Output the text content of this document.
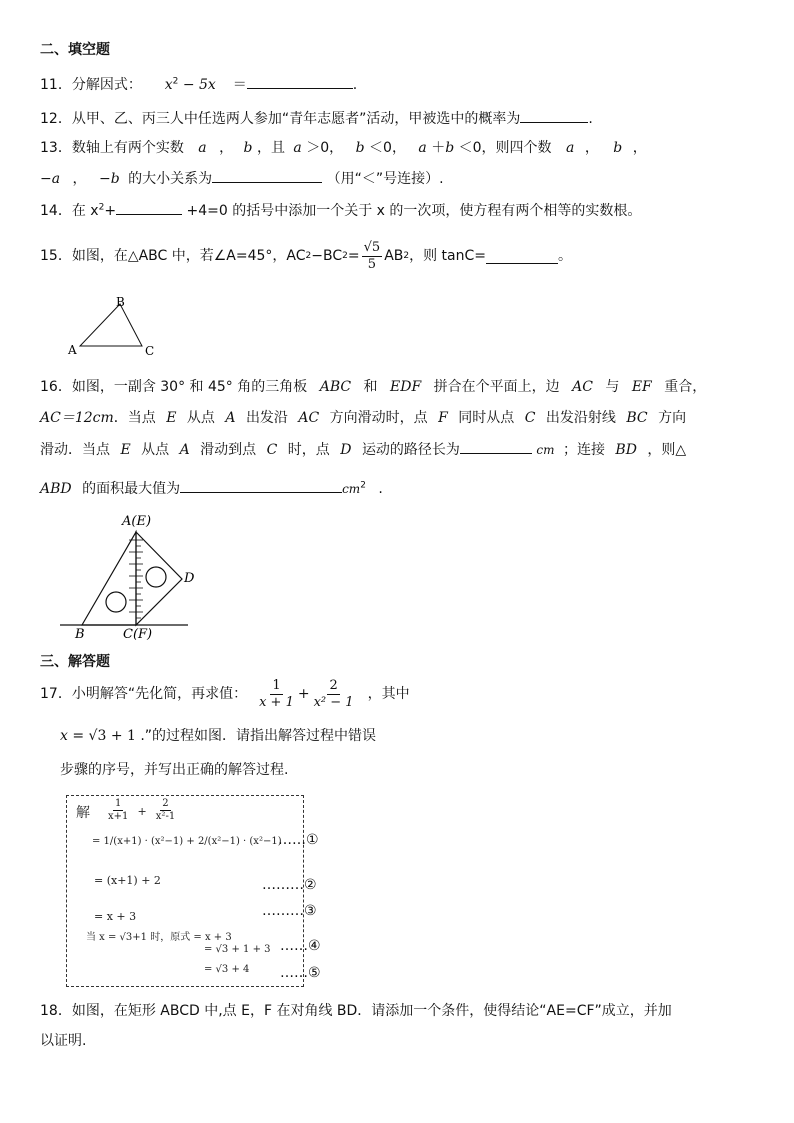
二、填空题
11．分解因式： $x^2 - 5x$ ＝	.
12．从甲、乙、丙三人中任选两人参加“青年志愿者”活动，甲被选中的概率为	.
13．数轴上有两个实数 a ， b ，且 a ＞0， b ＜0， a ＋b ＜0，则四个数 a ， b ，
−a ， −b 的大小关系为	（用“＜”号连接）.
14．在 $x^2+$	+4=0 的括号中添加一个关于 x 的一次项，使方程有两个相等的实数根。
15． 如图，在△ABC 中，若∠A=45°，AC 2 −BC $2 = \frac{√5}{5}$ AB 2 ，则 tanC=	。
A	C
B
16．如图，一副含 30° 和 45° 角的三角板 ABC 和 EDF 拼合在个平面上，边 AC 与 EF 重合，
AC＝12cm．当点 E 从点 A 出发沿 AC 方向滑动时，点 F 同时从点 C 出发沿射线 BC 方向
滑动．当点 E 从点 A 滑动到点 C 时，点 D 运动的路径长为	cm ；连接 BD ，则△
ABD 的面积最大值为	$cm^2$ .
A(E)
D
B	C(F)
三、解答题
17． 小明解答“先化简，再求值： $\frac{1}{x + 1} + \frac{2}{\text{x² − 1}}$ ，其中
x = √3 + 1 .”的过程如图．请指出解答过程中错误
步骤的序号，并写出正确的解答过程.
解 $\frac{1}{x+1} + \frac{2}{\text{x²-1}}$
= 1/(x+1) · (x²−1) + 2/(x²−1) · (x²−1)
= (x+1) + 2
= x + 3
当 x = √3+1 时，原式 = x + 3
= √3 + 1 + 3
= √3 + 4
……①
………②
………③
……④
……⑤
18．如图，在矩形 ABCD 中,点 E，F 在对角线 BD．请添加一个条件，使得结论“AE=CF”成立，并加
以证明.
